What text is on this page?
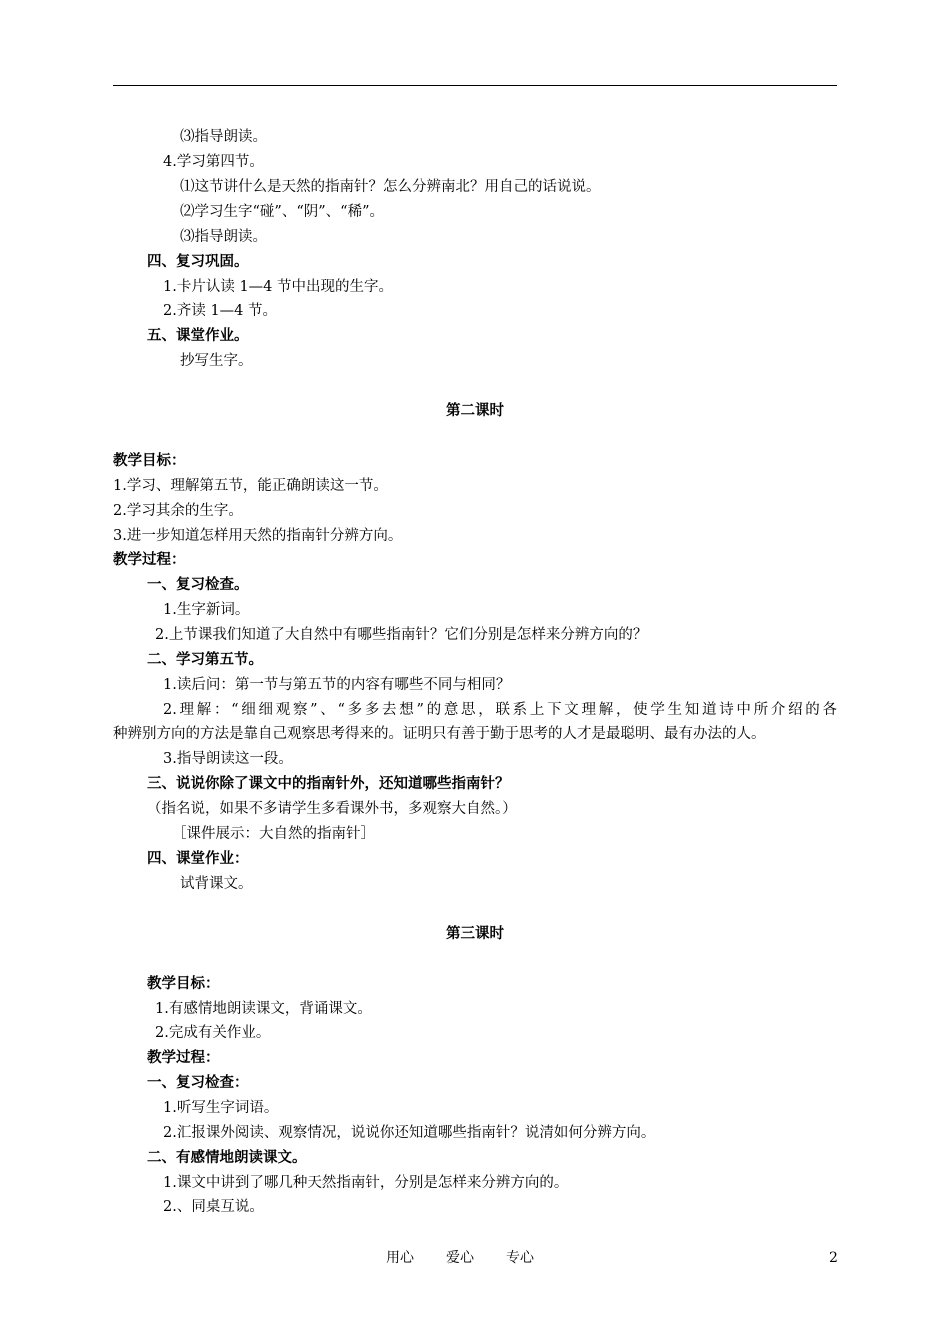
⑶指导朗读。
4.学习第四节。
⑴这节讲什么是天然的指南针？怎么分辨南北？用自己的话说说。
⑵学习生字“碰”、“阴”、“稀”。
⑶指导朗读。
四、复习巩固。
1.卡片认读 1—4 节中出现的生字。
2.齐读 1—4 节。
五、课堂作业。
抄写生字。
第二课时
教学目标：
1.学习、理解第五节，能正确朗读这一节。
2.学习其余的生字。
3.进一步知道怎样用天然的指南针分辨方向。
教学过程：
一、复习检查。
1.生字新词。
2.上节课我们知道了大自然中有哪些指南针？它们分别是怎样来分辨方向的？
二、学习第五节。
1.读后问：第一节与第五节的内容有哪些不同与相同？
2.理解：“细细观察”、“多多去想”的意思，联系上下文理解，使学生知道诗中所介绍的各
种辨别方向的方法是靠自己观察思考得来的。证明只有善于勤于思考的人才是最聪明、最有办法的人。
3.指导朗读这一段。
三、说说你除了课文中的指南针外，还知道哪些指南针？
（指名说，如果不多请学生多看课外书，多观察大自然。）
［课件展示：大自然的指南针］
四、课堂作业：
试背课文。
第三课时
教学目标：
1.有感情地朗读课文，背诵课文。
2.完成有关作业。
教学过程：
一、复习检查：
1.听写生字词语。
2.汇报课外阅读、观察情况，说说你还知道哪些指南针？说清如何分辨方向。
二、有感情地朗读课文。
1.课文中讲到了哪几种天然指南针，分别是怎样来分辨方向的。
2.、同桌互说。
用心 爱心 专心	2
